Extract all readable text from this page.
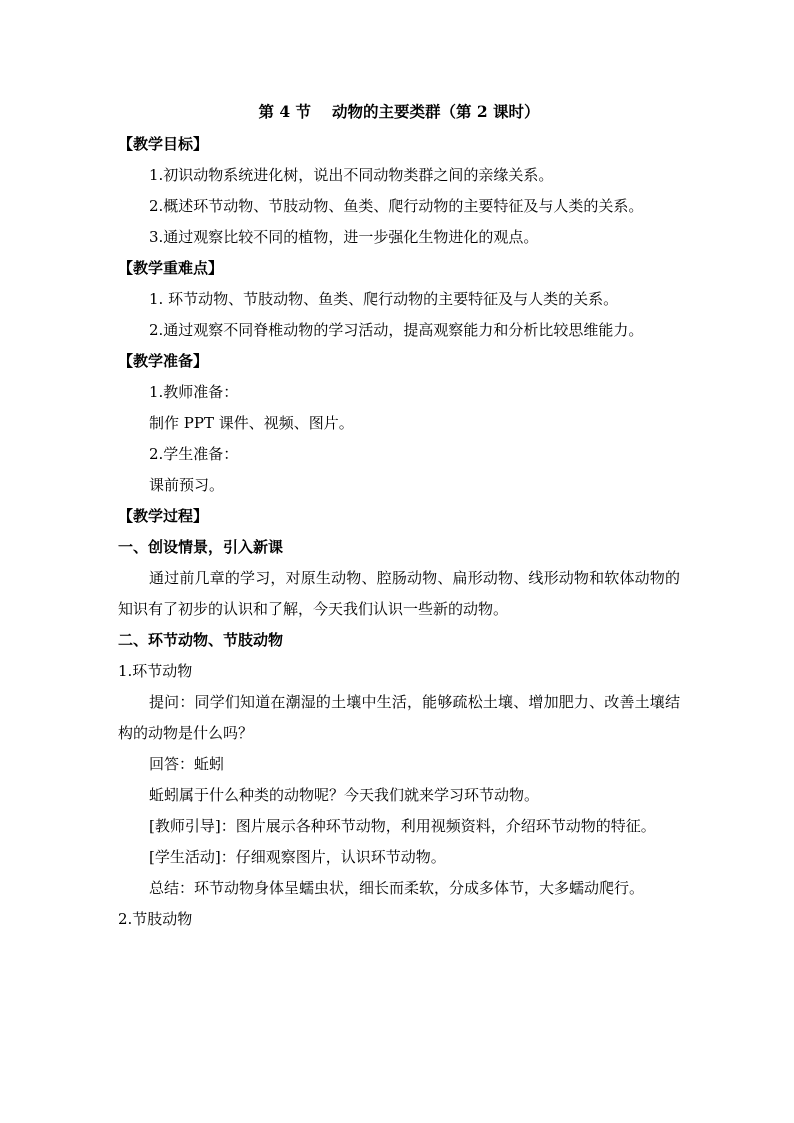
第 4 节　 动物的主要类群（第 2 课时）
【教学目标】
1.初识动物系统进化树，说出不同动物类群之间的亲缘关系。
2.概述环节动物、节肢动物、鱼类、爬行动物的主要特征及与人类的关系。
3.通过观察比较不同的植物，进一步强化生物进化的观点。
【教学重难点】
1. 环节动物、节肢动物、鱼类、爬行动物的主要特征及与人类的关系。
2.通过观察不同脊椎动物的学习活动，提高观察能力和分析比较思维能力。
【教学准备】
1.教师准备：
制作 PPT 课件、视频、图片。
2.学生准备：
课前预习。
【教学过程】
一、创设情景，引入新课
通过前几章的学习，对原生动物、腔肠动物、扁形动物、线形动物和软体动物的知识有了初步的认识和了解，今天我们认识一些新的动物。
二、环节动物、节肢动物
1.环节动物
提问：同学们知道在潮湿的土壤中生活，能够疏松土壤、增加肥力、改善土壤结构的动物是什么吗？
回答：蚯蚓
蚯蚓属于什么种类的动物呢？今天我们就来学习环节动物。
[教师引导]：图片展示各种环节动物，利用视频资料，介绍环节动物的特征。
[学生活动]：仔细观察图片，认识环节动物。
总结：环节动物身体呈蠕虫状，细长而柔软，分成多体节，大多蠕动爬行。
2.节肢动物
